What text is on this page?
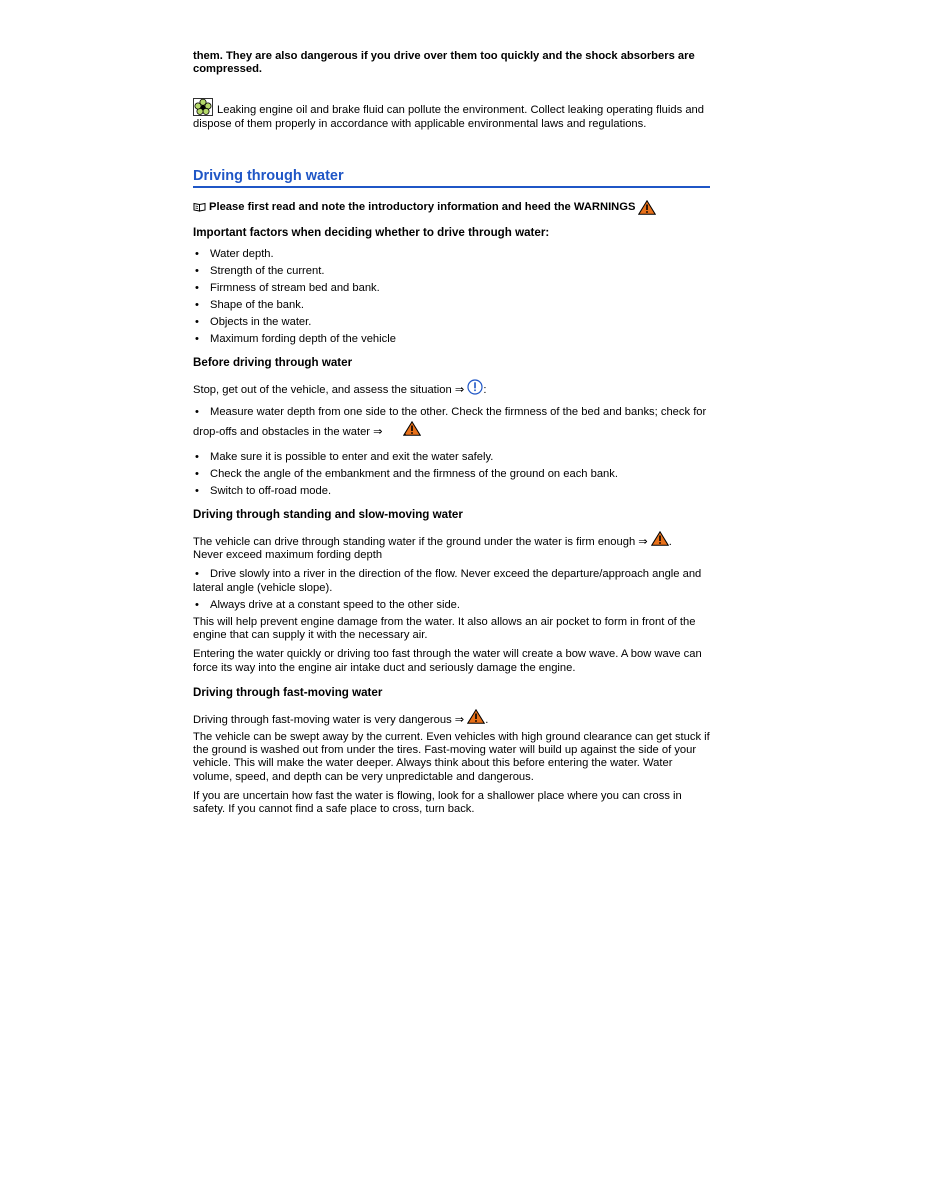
them. They are also dangerous if you drive over them too quickly and the shock absorbers are compressed.

Leaking engine oil and brake fluid can pollute the environment. Collect leaking operating fluids and dispose of them properly in accordance with applicable environmental laws and regulations.

Driving through water
Please first read and note the introductory information and heed the WARNINGS
Important factors when deciding whether to drive through water:
• Water depth.
• Strength of the current.
• Firmness of stream bed and bank.
• Shape of the bank.
• Objects in the water.
• Maximum fording depth of the vehicle
Before driving through water

Stop, get out of the vehicle, and assess the situation ⇒ :

• Measure water depth from one side to the other. Check the firmness of the bed and banks; check for drop-offs and obstacles in the water ⇒ .
• Make sure it is possible to enter and exit the water safely.
• Check the angle of the embankment and the firmness of the ground on each bank.
• Switch to off-road mode.
Driving through standing and slow-moving water

The vehicle can drive through standing water if the ground under the water is firm enough ⇒ .
Never exceed maximum fording depth

• Drive slowly into a river in the direction of the flow. Never exceed the departure/approach angle and lateral angle (vehicle slope).
• Always drive at a constant speed to the other side.

This will help prevent engine damage from the water. It also allows an air pocket to form in front of the engine that can supply it with the necessary air.

Entering the water quickly or driving too fast through the water will create a bow wave. A bow wave can force its way into the engine air intake duct and seriously damage the engine.

Driving through fast-moving water

Driving through fast-moving water is very dangerous ⇒ .

The vehicle can be swept away by the current. Even vehicles with high ground clearance can get stuck if the ground is washed out from under the tires. Fast-moving water will build up against the side of your vehicle. This will make the water deeper. Always think about this before entering the water. Water volume, speed, and depth can be very unpredictable and dangerous.

If you are uncertain how fast the water is flowing, look for a shallower place where you can cross in safety. If you cannot find a safe place to cross, turn back.
